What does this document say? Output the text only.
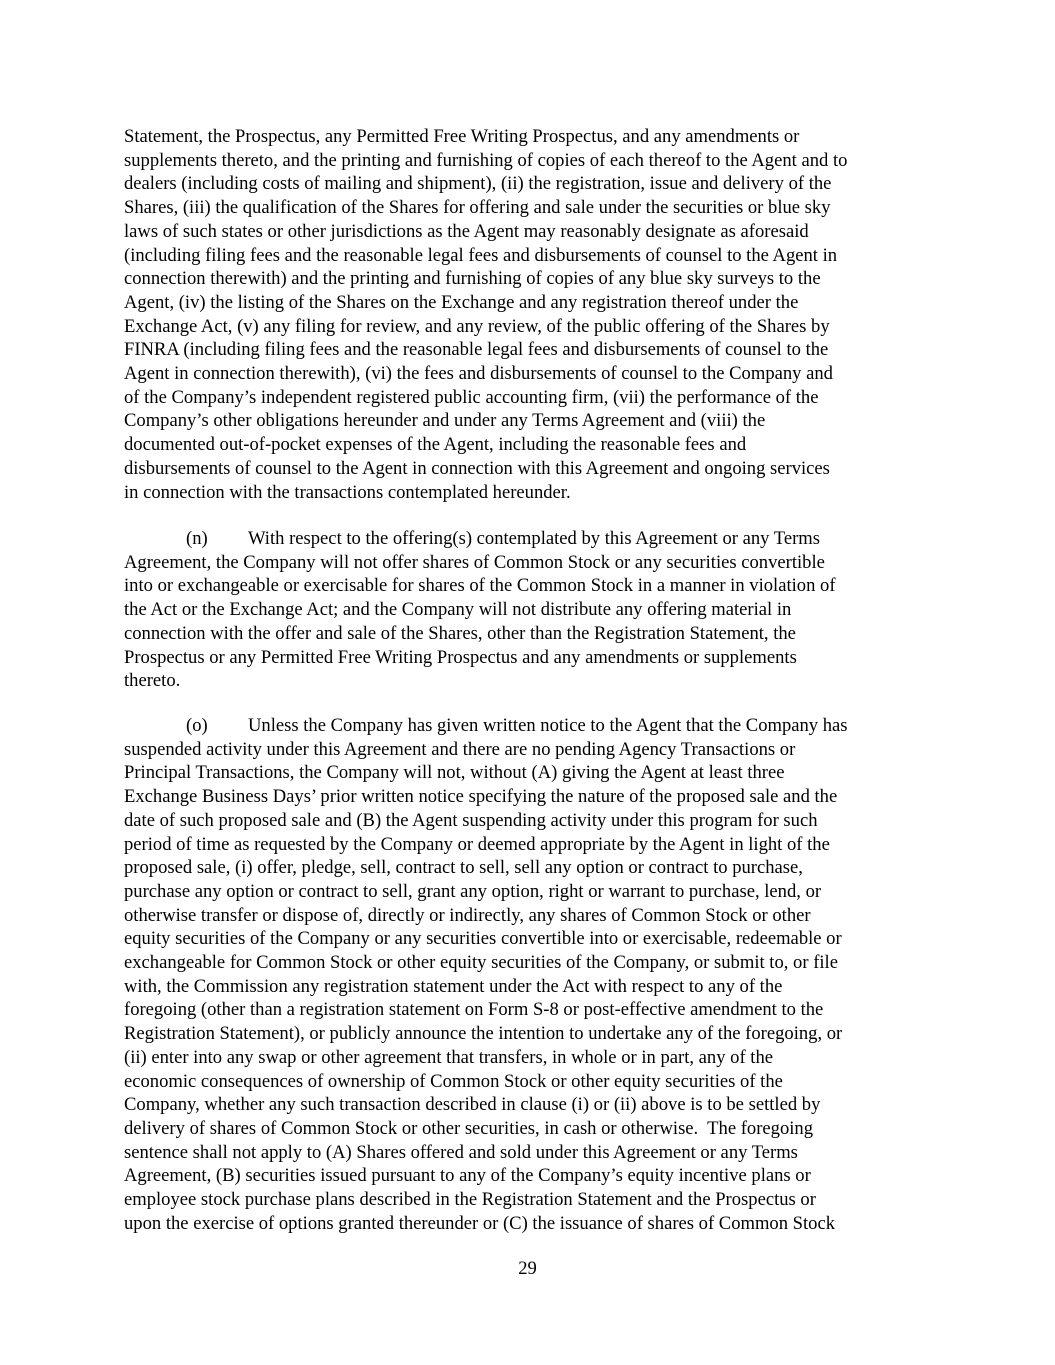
Statement, the Prospectus, any Permitted Free Writing Prospectus, and any amendments or
supplements thereto, and the printing and furnishing of copies of each thereof to the Agent and to
dealers (including costs of mailing and shipment), (ii) the registration, issue and delivery of the
Shares, (iii) the qualification of the Shares for offering and sale under the securities or blue sky
laws of such states or other jurisdictions as the Agent may reasonably designate as aforesaid
(including filing fees and the reasonable legal fees and disbursements of counsel to the Agent in
connection therewith) and the printing and furnishing of copies of any blue sky surveys to the
Agent, (iv) the listing of the Shares on the Exchange and any registration thereof under the
Exchange Act, (v) any filing for review, and any review, of the public offering of the Shares by
FINRA (including filing fees and the reasonable legal fees and disbursements of counsel to the
Agent in connection therewith), (vi) the fees and disbursements of counsel to the Company and
of the Company’s independent registered public accounting firm, (vii) the performance of the
Company’s other obligations hereunder and under any Terms Agreement and (viii) the
documented out-of-pocket expenses of the Agent, including the reasonable fees and
disbursements of counsel to the Agent in connection with this Agreement and ongoing services
in connection with the transactions contemplated hereunder.
(n) With respect to the offering(s) contemplated by this Agreement or any Terms
Agreement, the Company will not offer shares of Common Stock or any securities convertible
into or exchangeable or exercisable for shares of the Common Stock in a manner in violation of
the Act or the Exchange Act; and the Company will not distribute any offering material in
connection with the offer and sale of the Shares, other than the Registration Statement, the
Prospectus or any Permitted Free Writing Prospectus and any amendments or supplements
thereto.
(o) Unless the Company has given written notice to the Agent that the Company has
suspended activity under this Agreement and there are no pending Agency Transactions or
Principal Transactions, the Company will not, without (A) giving the Agent at least three
Exchange Business Days’ prior written notice specifying the nature of the proposed sale and the
date of such proposed sale and (B) the Agent suspending activity under this program for such
period of time as requested by the Company or deemed appropriate by the Agent in light of the
proposed sale, (i) offer, pledge, sell, contract to sell, sell any option or contract to purchase,
purchase any option or contract to sell, grant any option, right or warrant to purchase, lend, or
otherwise transfer or dispose of, directly or indirectly, any shares of Common Stock or other
equity securities of the Company or any securities convertible into or exercisable, redeemable or
exchangeable for Common Stock or other equity securities of the Company, or submit to, or file
with, the Commission any registration statement under the Act with respect to any of the
foregoing (other than a registration statement on Form S-8 or post-effective amendment to the
Registration Statement), or publicly announce the intention to undertake any of the foregoing, or
(ii) enter into any swap or other agreement that transfers, in whole or in part, any of the
economic consequences of ownership of Common Stock or other equity securities of the
Company, whether any such transaction described in clause (i) or (ii) above is to be settled by
delivery of shares of Common Stock or other securities, in cash or otherwise.  The foregoing
sentence shall not apply to (A) Shares offered and sold under this Agreement or any Terms
Agreement, (B) securities issued pursuant to any of the Company’s equity incentive plans or
employee stock purchase plans described in the Registration Statement and the Prospectus or
upon the exercise of options granted thereunder or (C) the issuance of shares of Common Stock
29
